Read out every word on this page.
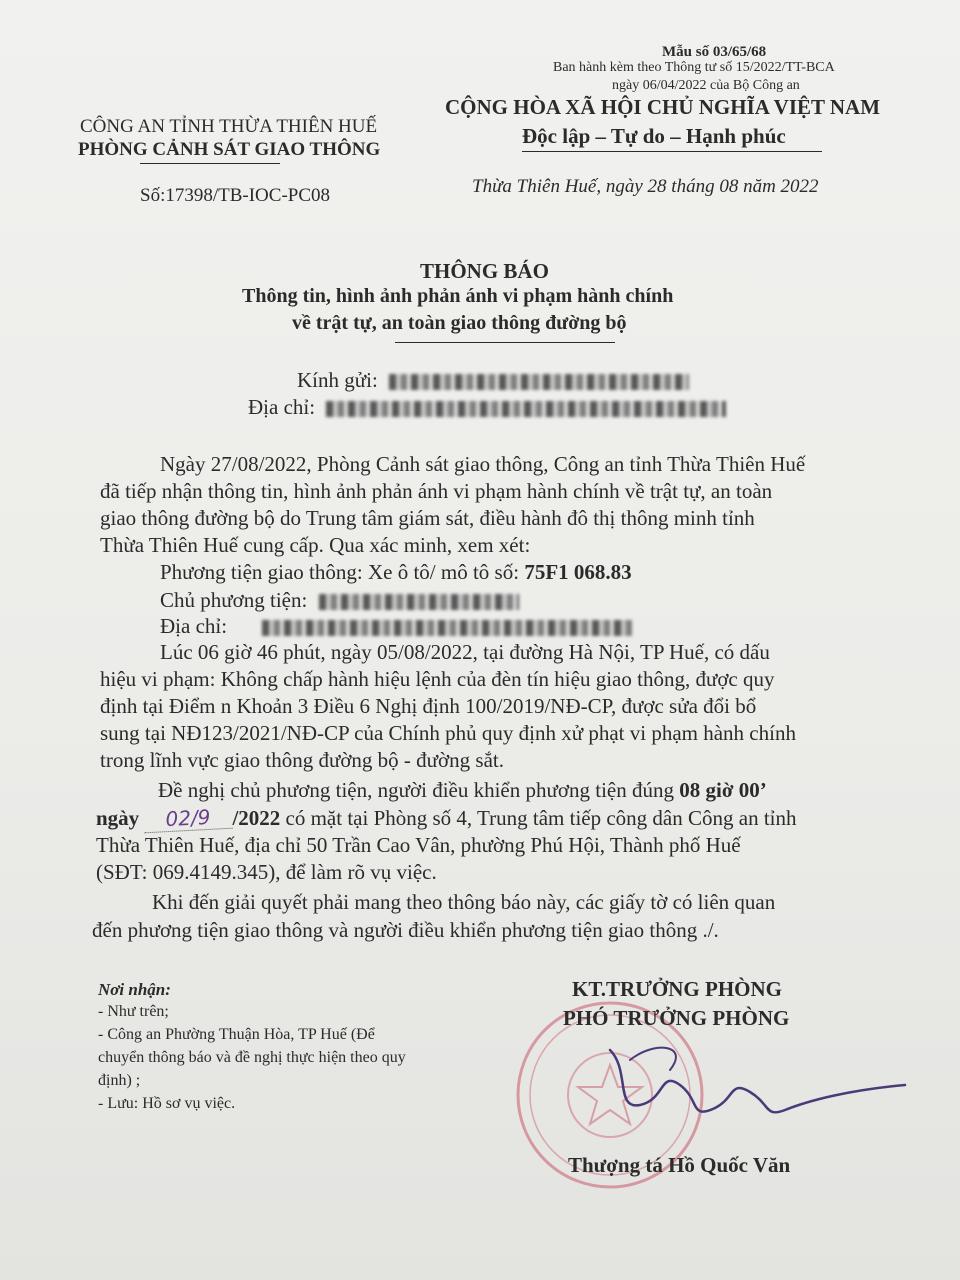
Mẫu số 03/65/68
Ban hành kèm theo Thông tư số 15/2022/TT-BCA
ngày 06/04/2022 của Bộ Công an
CÔNG AN TỈNH THỪA THIÊN HUẾ
PHÒNG CẢNH SÁT GIAO THÔNG
Số:17398/TB-IOC-PC08
CỘNG HÒA XÃ HỘI CHỦ NGHĨA VIỆT NAM
Độc lập – Tự do – Hạnh phúc
Thừa Thiên Huế, ngày 28 tháng 08 năm 2022
THÔNG BÁO
Thông tin, hình ảnh phản ánh vi phạm hành chính
về trật tự, an toàn giao thông đường bộ
Kính gửi:
Địa chỉ:
Ngày 27/08/2022, Phòng Cảnh sát giao thông, Công an tỉnh Thừa Thiên Huế
đã tiếp nhận thông tin, hình ảnh phản ánh vi phạm hành chính về trật tự, an toàn
giao thông đường bộ do Trung tâm giám sát, điều hành đô thị thông minh tỉnh
Thừa Thiên Huế cung cấp. Qua xác minh, xem xét:
Phương tiện giao thông: Xe ô tô/ mô tô số: 75F1 068.83
Chủ phương tiện:
Địa chỉ:
Lúc 06 giờ 46 phút, ngày 05/08/2022, tại đường Hà Nội, TP Huế, có dấu
hiệu vi phạm: Không chấp hành hiệu lệnh của đèn tín hiệu giao thông, được quy
định tại Điểm n Khoản 3 Điều 6 Nghị định 100/2019/NĐ-CP, được sửa đổi bổ
sung tại NĐ123/2021/NĐ-CP của Chính phủ quy định xử phạt vi phạm hành chính
trong lĩnh vực giao thông đường bộ - đường sắt.
Đề nghị chủ phương tiện, người điều khiển phương tiện đúng 08 giờ 00’
ngày 02/9 /2022 có mặt tại Phòng số 4, Trung tâm tiếp công dân Công an tỉnh
Thừa Thiên Huế, địa chỉ 50 Trần Cao Vân, phường Phú Hội, Thành phố Huế
(SĐT: 069.4149.345), để làm rõ vụ việc.
Khi đến giải quyết phải mang theo thông báo này, các giấy tờ có liên quan
đến phương tiện giao thông và người điều khiển phương tiện giao thông ./.
Nơi nhận:
- Như trên;
- Công an Phường Thuận Hòa, TP Huế (Để
chuyển thông báo và đề nghị thực hiện theo quy
định) ;
- Lưu: Hồ sơ vụ việc.
KT.TRƯỞNG PHÒNG
PHÓ TRƯỞNG PHÒNG
Thượng tá Hồ Quốc Văn
